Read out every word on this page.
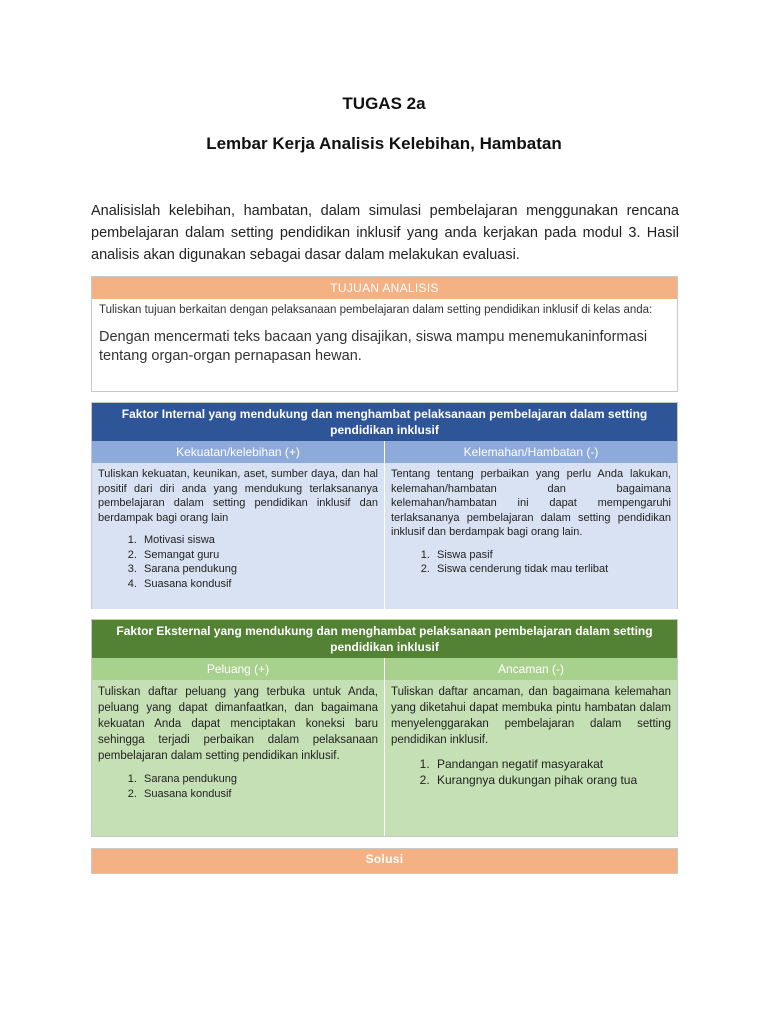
TUGAS 2a
Lembar Kerja Analisis Kelebihan, Hambatan
Analisislah kelebihan, hambatan, dalam simulasi pembelajaran menggunakan rencana pembelajaran dalam setting pendidikan inklusif yang anda kerjakan pada modul 3. Hasil analisis akan digunakan sebagai dasar dalam melakukan evaluasi.
TUJUAN ANALISIS
Tuliskan tujuan berkaitan dengan pelaksanaan pembelajaran dalam setting pendidikan inklusif di kelas anda:
Dengan mencermati teks bacaan yang disajikan, siswa mampu menemukaninformasi tentang organ-organ pernapasan hewan.
Faktor Internal yang mendukung dan menghambat pelaksanaan pembelajaran dalam setting pendidikan inklusif
Kekuatan/kelebihan (+)	Kelemahan/Hambatan (-)
Tuliskan kekuatan, keunikan, aset, sumber daya, dan hal positif dari diri anda yang mendukung terlaksananya pembelajaran dalam setting pendidikan inklusif dan berdampak bagi orang lain
1. Motivasi siswa
2. Semangat guru
3. Sarana pendukung
4. Suasana kondusif
Tentang tentang perbaikan yang perlu Anda lakukan, kelemahan/hambatan dan bagaimana kelemahan/hambatan ini dapat mempengaruhi terlaksananya pembelajaran dalam setting pendidikan inklusif dan berdampak bagi orang lain.
1. Siswa pasif
2. Siswa cenderung tidak mau terlibat
Faktor Eksternal yang mendukung dan menghambat pelaksanaan pembelajaran dalam setting pendidikan inklusif
Peluang (+)	Ancaman (-)
Tuliskan daftar peluang yang terbuka untuk Anda, peluang yang dapat dimanfaatkan, dan bagaimana kekuatan Anda dapat menciptakan koneksi baru sehingga terjadi perbaikan dalam pelaksanaan pembelajaran dalam setting pendidikan inklusif.
1. Sarana pendukung
2. Suasana kondusif
Tuliskan daftar ancaman, dan bagaimana kelemahan yang diketahui dapat membuka pintu hambatan dalam menyelenggarakan pembelajaran dalam setting pendidikan inklusif.
1. Pandangan negatif masyarakat
2. Kurangnya dukungan pihak orang tua
Solusi
